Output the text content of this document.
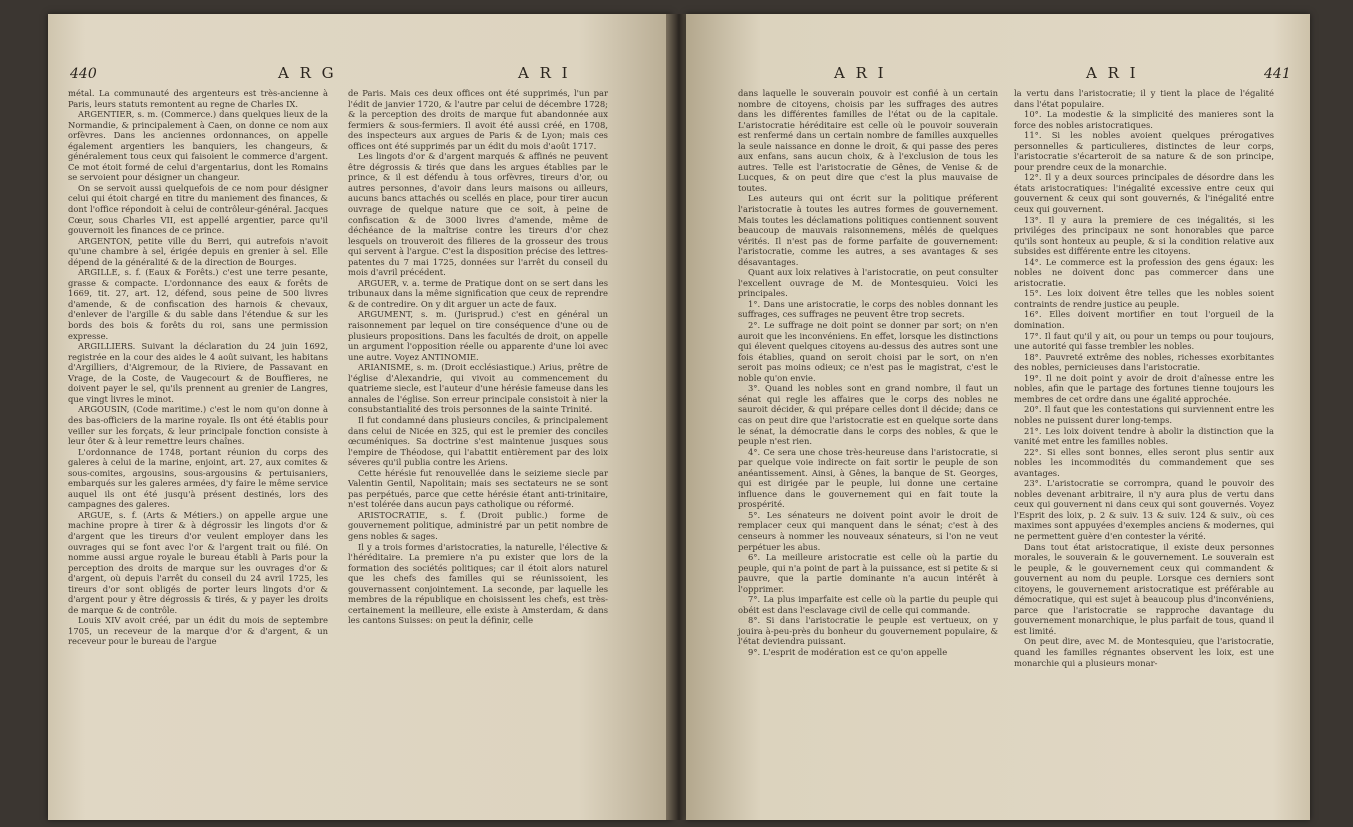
440	A R G	A R I

métal. La communauté des argenteurs est très-ancienne à Paris, leurs statuts remontent au regne de Charles IX.

ARGENTIER, s. m. (Commerce.) dans quelques lieux de la Normandie, & principalement à Caen, on donne ce nom aux orfèvres. Dans les anciennes ordonnances, on appelle également argentiers les banquiers, les changeurs, & généralement tous ceux qui faisoient le commerce d'argent. Ce mot étoit formé de celui d'argentarius, dont les Romains se servoient pour désigner un changeur.

On se servoit aussi quelquefois de ce nom pour désigner celui qui étoit chargé en titre du maniement des finances, & dont l'office répondoit à celui de contrôleur-général. Jacques Cœur, sous Charles VII, est appellé argentier, parce qu'il gouvernoit les finances de ce prince.

ARGENTON, petite ville du Berri, qui autrefois n'avoit qu'une chambre à sel, érigée depuis en grenier à sel. Elle dépend de la généralité & de la direction de Bourges.

ARGILLE, s. f. (Eaux & Forêts.) c'est une terre pesante, grasse & compacte. L'ordonnance des eaux & forêts de 1669, tit. 27, art. 12, défend, sous peine de 500 livres d'amende, & de confiscation des harnois & chevaux, d'enlever de l'argille & du sable dans l'étendue & sur les bords des bois & forêts du roi, sans une permission expresse.

ARGILLIERS. Suivant la déclaration du 24 juin 1692, registrée en la cour des aides le 4 août suivant, les habitans d'Argilliers, d'Aigremour, de la Riviere, de Passavant en Vrage, de la Coste, de Vaugecourt & de Bouffieres, ne doivent payer le sel, qu'ils prennent au grenier de Langres, que vingt livres le minot.

ARGOUSIN, (Code maritime.) c'est le nom qu'on donne à des bas-officiers de la marine royale. Ils ont été établis pour veiller sur les forçats, & leur principale fonction consiste à leur ôter & à leur remettre leurs chaînes.

L'ordonnance de 1748, portant réunion du corps des galeres à celui de la marine, enjoint, art. 27, aux comites & sous-comites, argousins, sous-argousins & pertuisaniers, embarqués sur les galeres armées, d'y faire le même service auquel ils ont été jusqu'à présent destinés, lors des campagnes des galeres.

ARGUE, s. f. (Arts & Métiers.) on appelle argue une machine propre à tirer & à dégrossir les lingots d'or & d'argent que les tireurs d'or veulent employer dans les ouvrages qui se font avec l'or & l'argent trait ou filé. On nomme aussi argue royale le bureau établi à Paris pour la perception des droits de marque sur les ouvrages d'or & d'argent, où depuis l'arrêt du conseil du 24 avril 1725, les tireurs d'or sont obligés de porter leurs lingots d'or & d'argent pour y être dégrossis & tirés, & y payer les droits de marque & de contrôle.

Louis XIV avoit créé, par un édit du mois de septembre 1705, un receveur de la marque d'or & d'argent, & un receveur pour le bureau de l'argue

de Paris. Mais ces deux offices ont été supprimés, l'un par l'édit de janvier 1720, & l'autre par celui de décembre 1728; & la perception des droits de marque fut abandonnée aux fermiers & sous-fermiers. Il avoit été aussi créé, en 1708, des inspecteurs aux argues de Paris & de Lyon; mais ces offices ont été supprimés par un édit du mois d'août 1717.

Les lingots d'or & d'argent marqués & affinés ne peuvent être dégrossis & tirés que dans les argues établies par le prince, & il est défendu à tous orfèvres, tireurs d'or, ou autres personnes, d'avoir dans leurs maisons ou ailleurs, aucuns bancs attachés ou scellés en place, pour tirer aucun ouvrage de quelque nature que ce soit, à peine de confiscation & de 3000 livres d'amende, même de déchéance de la maîtrise contre les tireurs d'or chez lesquels on trouveroit des filieres de la grosseur des trous qui servent à l'argue. C'est la disposition précise des lettres-patentes du 7 mai 1725, données sur l'arrêt du conseil du mois d'avril précédent.

ARGUER, v. a. terme de Pratique dont on se sert dans les tribunaux dans la même signification que ceux de reprendre & de contredire. On y dit arguer un acte de faux.

ARGUMENT, s. m. (Jurisprud.) c'est en général un raisonnement par lequel on tire conséquence d'une ou de plusieurs propositions. Dans les facultés de droit, on appelle un argument l'opposition réelle ou apparente d'une loi avec une autre. Voyez ANTINOMIE.

ARIANISME, s. m. (Droit ecclésiastique.) Arius, prêtre de l'église d'Alexandrie, qui vivoit au commencement du quatrieme siecle, est l'auteur d'une hérésie fameuse dans les annales de l'église. Son erreur principale consistoit à nier la consubstantialité des trois personnes de la sainte Trinité.

Il fut condamné dans plusieurs conciles, & principalement dans celui de Nicée en 325, qui est le premier des conciles œcuméniques. Sa doctrine s'est maintenue jusques sous l'empire de Théodose, qui l'abattit entièrement par des loix séveres qu'il publia contre les Ariens.

Cette hérésie fut renouvellée dans le seizieme siecle par Valentin Gentil, Napolitain; mais ses sectateurs ne se sont pas perpétués, parce que cette hérésie étant anti-trinitaire, n'est tolérée dans aucun pays catholique ou réformé.

ARISTOCRATIE, s. f. (Droit public.) forme de gouvernement politique, administré par un petit nombre de gens nobles & sages.

Il y a trois formes d'aristocraties, la naturelle, l'élective & l'héréditaire. La premiere n'a pu exister que lors de la formation des sociétés politiques; car il étoit alors naturel que les chefs des familles qui se réunissoient, les gouvernassent conjointement. La seconde, par laquelle les membres de la république en choisissent les chefs, est très-certainement la meilleure, elle existe à Amsterdam, & dans les cantons Suisses: on peut la définir, celle

A R I	A R I	441

dans laquelle le souverain pouvoir est confié à un certain nombre de citoyens, choisis par les suffrages des autres dans les différentes familles de l'état ou de la capitale. L'aristocratie héréditaire est celle où le pouvoir souverain est renfermé dans un certain nombre de familles auxquelles la seule naissance en donne le droit, & qui passe des peres aux enfans, sans aucun choix, & à l'exclusion de tous les autres. Telle est l'aristocratie de Gênes, de Venise & de Lucques, & on peut dire que c'est la plus mauvaise de toutes.

Les auteurs qui ont écrit sur la politique préferent l'aristocratie à toutes les autres formes de gouvernement. Mais toutes les déclamations politiques contiennent souvent beaucoup de mauvais raisonnemens, mêlés de quelques vérités. Il n'est pas de forme parfaite de gouvernement: l'aristocratie, comme les autres, a ses avantages & ses désavantages.

Quant aux loix relatives à l'aristocratie, on peut consulter l'excellent ouvrage de M. de Montesquieu. Voici les principales.

1°. Dans une aristocratie, le corps des nobles donnant les suffrages, ces suffrages ne peuvent être trop secrets.

2°. Le suffrage ne doit point se donner par sort; on n'en auroit que les inconvéniens. En effet, lorsque les distinctions qui élevent quelques citoyens au-dessus des autres sont une fois établies, quand on seroit choisi par le sort, on n'en seroit pas moins odieux; ce n'est pas le magistrat, c'est le noble qu'on envie.

3°. Quand les nobles sont en grand nombre, il faut un sénat qui regle les affaires que le corps des nobles ne sauroit décider, & qui prépare celles dont il décide; dans ce cas on peut dire que l'aristocratie est en quelque sorte dans le sénat, la démocratie dans le corps des nobles, & que le peuple n'est rien.

4°. Ce sera une chose très-heureuse dans l'aristocratie, si par quelque voie indirecte on fait sortir le peuple de son anéantissement. Ainsi, à Gênes, la banque de St. Georges, qui est dirigée par le peuple, lui donne une certaine influence dans le gouvernement qui en fait toute la prospérité.

5°. Les sénateurs ne doivent point avoir le droit de remplacer ceux qui manquent dans le sénat; c'est à des censeurs à nommer les nouveaux sénateurs, si l'on ne veut perpétuer les abus.

6°. La meilleure aristocratie est celle où la partie du peuple, qui n'a point de part à la puissance, est si petite & si pauvre, que la partie dominante n'a aucun intérêt à l'opprimer.

7°. La plus imparfaite est celle où la partie du peuple qui obéit est dans l'esclavage civil de celle qui commande.

8°. Si dans l'aristocratie le peuple est vertueux, on y jouira à-peu-près du bonheur du gouvernement populaire, & l'état deviendra puissant.

9°. L'esprit de modération est ce qu'on appelle

la vertu dans l'aristocratie; il y tient la place de l'égalité dans l'état populaire.

10°. La modestie & la simplicité des manieres sont la force des nobles aristocratiques.

11°. Si les nobles avoient quelques prérogatives personnelles & particulieres, distinctes de leur corps, l'aristocratie s'écarteroit de sa nature & de son principe, pour prendre ceux de la monarchie.

12°. Il y a deux sources principales de désordre dans les états aristocratiques: l'inégalité excessive entre ceux qui gouvernent & ceux qui sont gouvernés, & l'inégalité entre ceux qui gouvernent.

13°. Il y aura la premiere de ces inégalités, si les priviléges des principaux ne sont honorables que parce qu'ils sont honteux au peuple, & si la condition relative aux subsides est différente entre les citoyens.

14°. Le commerce est la profession des gens égaux: les nobles ne doivent donc pas commercer dans une aristocratie.

15°. Les loix doivent être telles que les nobles soient contraints de rendre justice au peuple.

16°. Elles doivent mortifier en tout l'orgueil de la domination.

17°. Il faut qu'il y ait, ou pour un temps ou pour toujours, une autorité qui fasse trembler les nobles.

18°. Pauvreté extrême des nobles, richesses exorbitantes des nobles, pernicieuses dans l'aristocratie.

19°. Il ne doit point y avoir de droit d'aînesse entre les nobles, afin que le partage des fortunes tienne toujours les membres de cet ordre dans une égalité approchée.

20°. Il faut que les contestations qui surviennent entre les nobles ne puissent durer long-temps.

21°. Les loix doivent tendre à abolir la distinction que la vanité met entre les familles nobles.

22°. Si elles sont bonnes, elles seront plus sentir aux nobles les incommodités du commandement que ses avantages.

23°. L'aristocratie se corrompra, quand le pouvoir des nobles devenant arbitraire, il n'y aura plus de vertu dans ceux qui gouvernent ni dans ceux qui sont gouvernés. Voyez l'Esprit des loix, p. 2 & suiv. 13 & suiv. 124 & suiv., où ces maximes sont appuyées d'exemples anciens & modernes, qui ne permettent guère d'en contester la vérité.

Dans tout état aristocratique, il existe deux personnes morales, le souverain & le gouvernement. Le souverain est le peuple, & le gouvernement ceux qui commandent & gouvernent au nom du peuple. Lorsque ces derniers sont citoyens, le gouvernement aristocratique est préférable au démocratique, qui est sujet à beaucoup plus d'inconvéniens, parce que l'aristocratie se rapproche davantage du gouvernement monarchique, le plus parfait de tous, quand il est limité.

On peut dire, avec M. de Montesquieu, que l'aristocratie, quand les familles régnantes observent les loix, est une monarchie qui a plusieurs monar-
